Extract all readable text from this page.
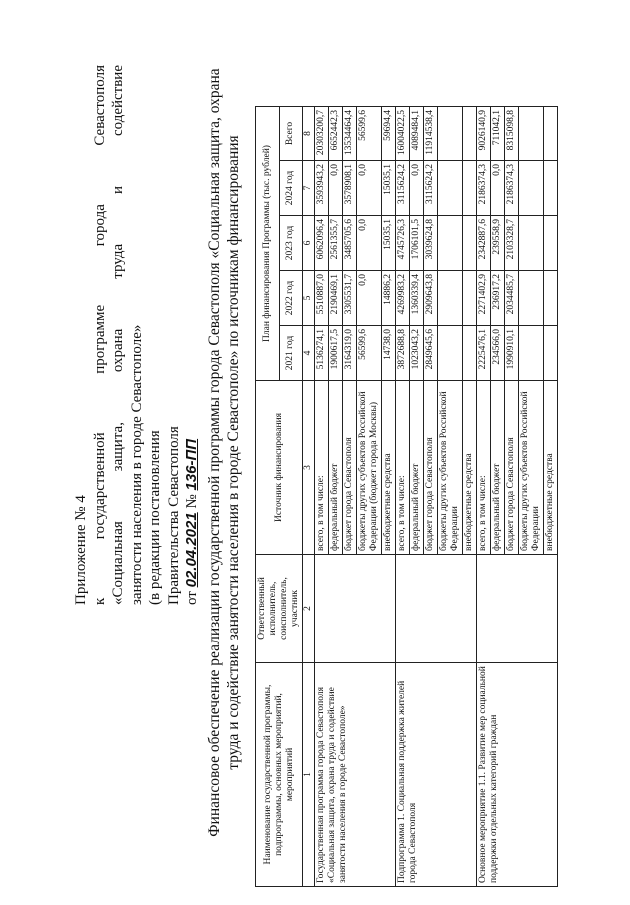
Приложение № 4 к государственной программе города Севастополя «Социальная защита, охрана труда и содействие занятости населения в городе Севастополе» (в редакции постановления Правительства Севастополя от 02.04.2021 № 136-ПП Финансовое обеспечение реализации государственной программы города Севастополя «Социальная защита, охрана труда и содействие занятости населения в городе Севастополе» по источникам финансирования
Наименование государственной программы, подпрограммы, основных мероприятий, мероприятий	Ответственный исполнитель, соисполнитель, участник	Источник финансирования	План финансирования Программы (тыс. рублей)				
			2021 год	2022 год	2023 год	2024 год	Всего
1	2	3	4	5	6	7	8
Государственная программа города Севастополя «Социальная защита, охрана труда и содействие занятости населения в городе Севастополе»		всего, в том числе:	5136274,1	5510887,0	6062096,4	3593943,2	20303200,7
		федеральный бюджет	1900617,5	2190469,1	2561355,7	0,0	6652442,3
		бюджет города Севастополя	3164319,0	3305531,7	3485705,6	3578908,1	13534464,4
		бюджеты других субъектов Российской Федерации (бюджет города Москвы)	56599,6	0,0	0,0	0,0	56599,6
		внебюджетные средства	14738,0	14886,2	15035,1	15035,1	59694,4
Подпрограмма 1. Социальная поддержка жителей города Севастополя		всего, в том числе:	3872688,8	4269983,2	4745726,3	3115624,2	16004022,5
		федеральный бюджет	1023043,2	1360339,4	1706101,5	0,0	4089484,1
		бюджет города Севастополя	2849645,6	2909643,8	3039624,8	3115624,2	11914538,4
		бюджеты других субъектов Российской Федерации					
		внебюджетные средства					
Основное мероприятие 1.1. Развитие мер социальной поддержки отдельных категорий граждан		всего, в том числе:	2225476,1	2271402,9	2342887,6	2186374,3	9026140,9
		федеральный бюджет	234566,0	236917,2	239558,9	0,0	711042,1
		бюджет города Севастополя	1990910,1	2034485,7	2103328,7	2186374,3	8315098,8
		бюджеты других субъектов Российской Федерации					
		внебюджетные средства					
